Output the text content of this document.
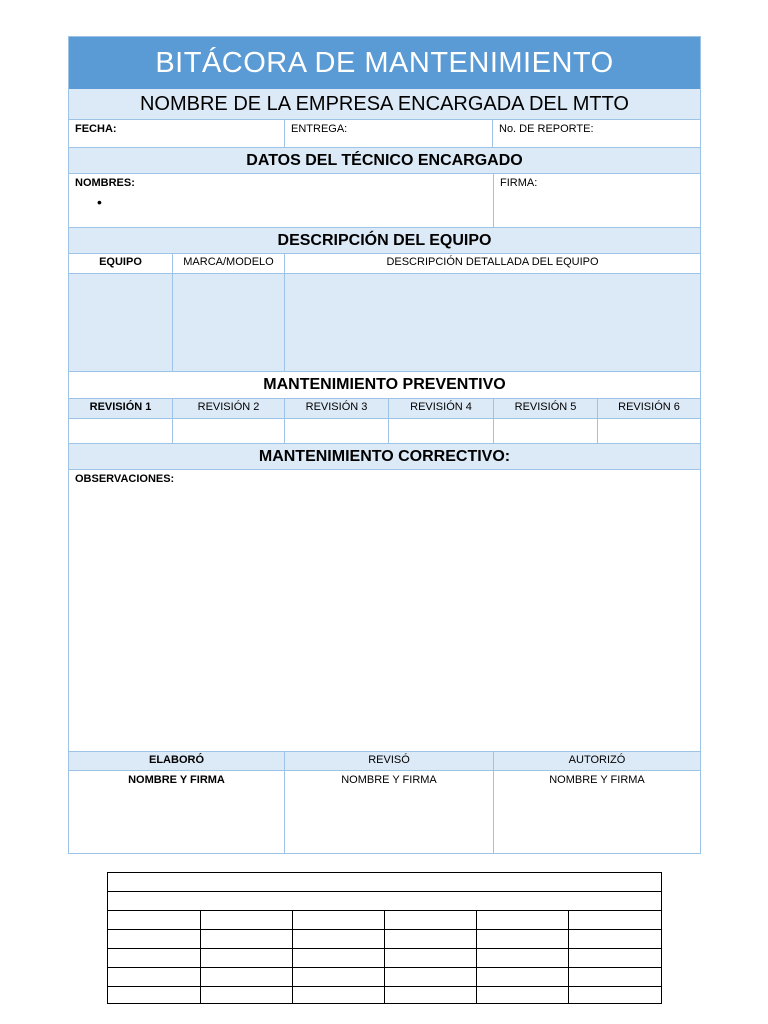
BITÁCORA DE MANTENIMIENTO
NOMBRE DE LA EMPRESA ENCARGADA DEL MTTO
FECHA:	ENTREGA:	No. DE REPORTE:
DATOS DEL TÉCNICO ENCARGADO
NOMBRES:
•
FIRMA:
DESCRIPCIÓN DEL EQUIPO
EQUIPO	MARCA/MODELO	DESCRIPCIÓN DETALLADA DEL EQUIPO
MANTENIMIENTO PREVENTIVO
REVISIÓN 1	REVISIÓN 2	REVISIÓN 3	REVISIÓN 4	REVISIÓN 5	REVISIÓN 6
MANTENIMIENTO CORRECTIVO:
OBSERVACIONES:
ELABORÓ	REVISÓ	AUTORIZÓ
NOMBRE Y FIRMA	NOMBRE Y FIRMA	NOMBRE Y FIRMA
